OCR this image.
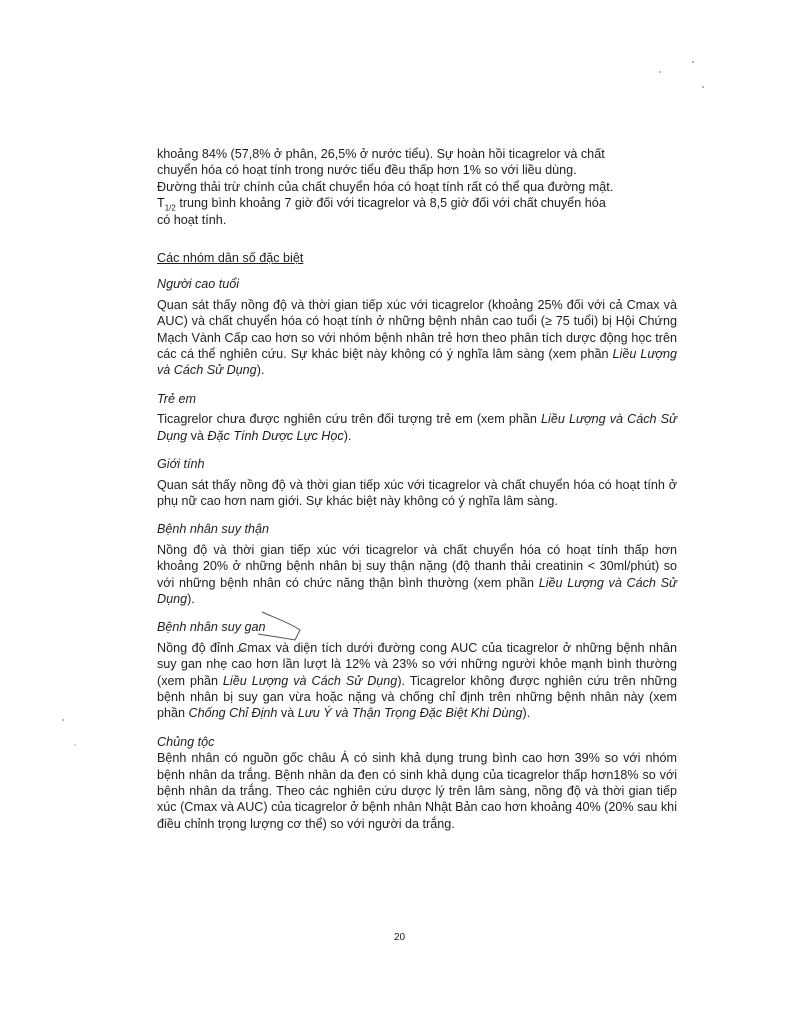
khoảng 84% (57,8% ở phân, 26,5% ở nước tiểu). Sự hoàn hồi ticagrelor và chất

chuyển hóa có hoạt tính trong nước tiểu đều thấp hơn 1% so với liều dùng.

Đường thải trừ chính của chất chuyển hóa có hoạt tính rất có thể qua đường mật.

$T_{1/2}$ trung bình khoảng 7 giờ đối với ticagrelor và 8,5 giờ đối với chất chuyển hóa

có hoạt tính.

Các nhóm dân số đặc biệt

Người cao tuổi

Quan sát thấy nồng độ và thời gian tiếp xúc với ticagrelor (khoảng 25% đối với cả Cmax và AUC) và chất chuyển hóa có hoạt tính ở những bệnh nhân cao tuổi (≥ 75 tuổi) bị Hội Chứng Mạch Vành Cấp cao hơn so với nhóm bệnh nhân trẻ hơn theo phân tích dược động học trên các cá thể nghiên cứu. Sự khác biệt này không có ý nghĩa lâm sàng (xem phần Liều Lượng và Cách Sử Dụng).

Trẻ em

Ticagrelor chưa được nghiên cứu trên đối tượng trẻ em (xem phần Liều Lượng và Cách Sử Dụng và Đặc Tính Dược Lực Học).

Giới tính

Quan sát thấy nồng độ và thời gian tiếp xúc với ticagrelor và chất chuyển hóa có hoạt tính ở phụ nữ cao hơn nam giới. Sự khác biệt này không có ý nghĩa lâm sàng.

Bệnh nhân suy thận

Nồng độ và thời gian tiếp xúc với ticagrelor và chất chuyển hóa có hoạt tính thấp hơn khoảng 20% ở những bệnh nhân bị suy thận nặng (độ thanh thải creatinin < 30ml/phút) so với những bệnh nhân có chức năng thận bình thường (xem phần Liều Lượng và Cách Sử Dụng).

Bệnh nhân suy gan

Nồng độ đỉnh Cmax và diện tích dưới đường cong AUC của ticagrelor ở những bệnh nhân suy gan nhẹ cao hơn lần lượt là 12% và 23% so với những người khỏe mạnh bình thường (xem phần Liều Lượng và Cách Sử Dụng). Ticagrelor không được nghiên cứu trên những bệnh nhân bị suy gan vừa hoặc nặng và chống chỉ định trên những bệnh nhân này (xem phần Chống Chỉ Định và Lưu Ý và Thận Trọng Đặc Biệt Khi Dùng).

Chủng tộc

Bệnh nhân có nguồn gốc châu Á có sinh khả dụng trung bình cao hơn 39% so với nhóm bệnh nhân da trắng. Bệnh nhân da đen có sinh khả dụng của ticagrelor thấp hơn18% so với bệnh nhân da trắng. Theo các nghiên cứu dược lý trên lâm sàng, nồng độ và thời gian tiếp xúc (Cmax và AUC) của ticagrelor ở bệnh nhân Nhật Bản cao hơn khoảng 40% (20% sau khi điều chỉnh trọng lượng cơ thể) so với người da trắng.

20
